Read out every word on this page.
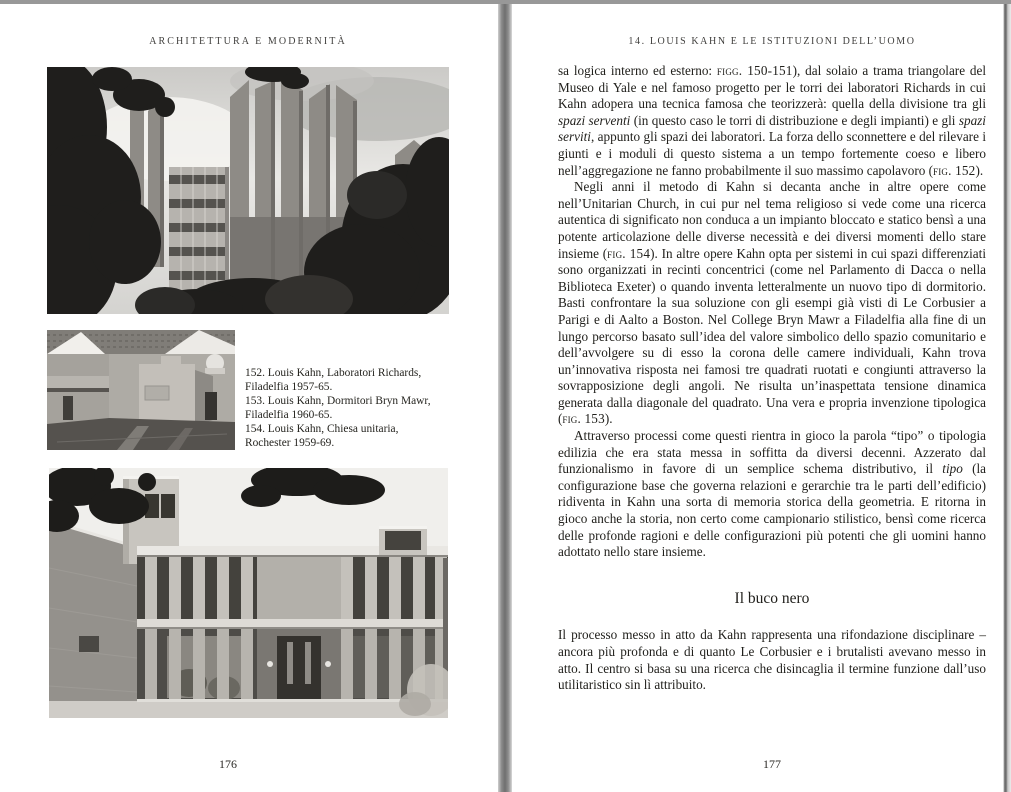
ARCHITETTURA E MODERNITÀ

152. Louis Kahn, Laboratori Richards, Filadelfia 1957-65.

153. Louis Kahn, Dormitori Bryn Mawr, Filadelfia 1960-65.

154. Louis Kahn, Chiesa unitaria, Rochester 1959-69.

176
14. LOUIS KAHN E LE ISTITUZIONI DELL’UOMO

sa logica interno ed esterno: figg. 150-151), dal solaio a trama triangolare del Museo di Yale e nel famoso progetto per le torri dei laboratori Richards in cui Kahn adopera una tecnica famosa che teorizzerà: quella della divisione tra gli spazi serventi (in questo caso le torri di distribuzione e degli impianti) e gli spazi serviti, appunto gli spazi dei laboratori. La forza dello sconnettere e del rilevare i giunti e i moduli di questo sistema a un tempo fortemente coeso e libero nell’aggregazione ne fanno probabilmente il suo massimo capolavoro (fig. 152).

Negli anni il metodo di Kahn si decanta anche in altre opere come nell’Unitarian Church, in cui pur nel tema religioso si vede come una ricerca autentica di significato non conduca a un impianto bloccato e statico bensì a una potente articolazione delle diverse necessità e dei diversi momenti dello stare insieme (fig. 154). In altre opere Kahn opta per sistemi in cui spazi differenziati sono organizzati in recinti concentrici (come nel Parlamento di Dacca o nella Biblioteca Exeter) o quando inventa letteralmente un nuovo tipo di dormitorio. Basti confrontare la sua soluzione con gli esempi già visti di Le Corbusier a Parigi e di Aalto a Boston. Nel College Bryn Mawr a Filadelfia alla fine di un lungo percorso basato sull’idea del valore simbolico dello spazio comunitario e dell’avvolgere su di esso la corona delle camere individuali, Kahn trova un’innovativa risposta nei famosi tre quadrati ruotati e congiunti attraverso la sovrapposizione degli angoli. Ne risulta un’inaspettata tensione dinamica generata dalla diagonale del quadrato. Una vera e propria invenzione tipologica (fig. 153).

Attraverso processi come questi rientra in gioco la parola “tipo” o tipologia edilizia che era stata messa in soffitta da diversi decenni. Azzerato dal funzionalismo in favore di un semplice schema distributivo, il tipo (la configurazione base che governa relazioni e gerarchie tra le parti dell’edificio) ridiventa in Kahn una sorta di memoria storica della geometria. E ritorna in gioco anche la storia, non certo come campionario stilistico, bensì come ricerca delle profonde ragioni e delle configurazioni più potenti che gli uomini hanno adottato nello stare insieme.

Il buco nero

Il processo messo in atto da Kahn rappresenta una rifondazione disciplinare – ancora più profonda e di quanto Le Corbusier e i brutalisti avevano messo in atto. Il centro si basa su una ricerca che disincaglia il termine funzione dall’uso utilitaristico sin lì attribuito.

177
